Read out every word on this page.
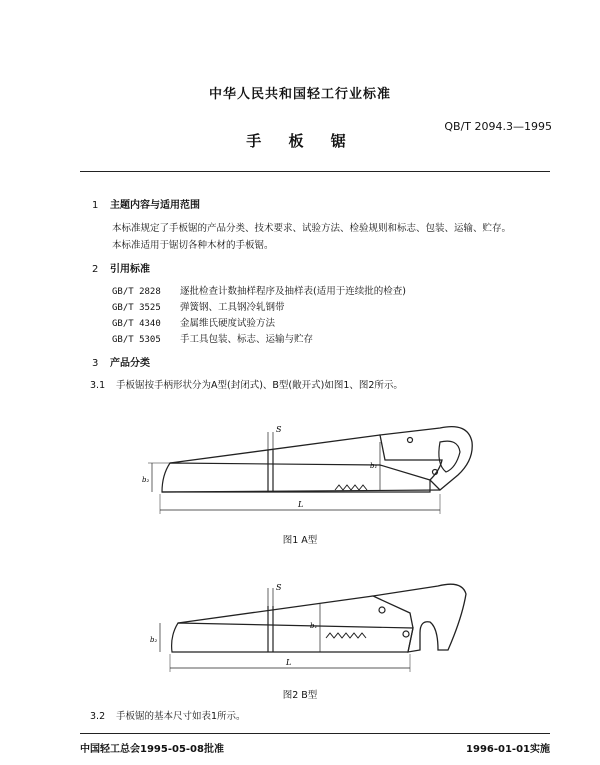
中华人民共和国轻工行业标准
QB/T 2094.3—1995
手 板 锯
1 主题内容与适用范围
本标准规定了手板锯的产品分类、技术要求、试验方法、检验规则和标志、包装、运输、贮存。
本标准适用于锯切各种木材的手板锯。
2 引用标准
GB/T 2828 逐批检查计数抽样程序及抽样表(适用于连续批的检查)
GB/T 3525 弹簧钢、工具钢冷轧钢带
GB/T 4340 金属维氏硬度试验方法
GB/T 5305 手工具包装、标志、运输与贮存
3 产品分类
3.1 手板锯按手柄形状分为A型(封闭式)、B型(敞开式)如图1、图2所示。
S
b₂
b₁
L
图1 A型
S
b₂
b₁
L
图2 B型
3.2 手板锯的基本尺寸如表1所示。
中国轻工总会1995-05-08批准	1996-01-01实施
